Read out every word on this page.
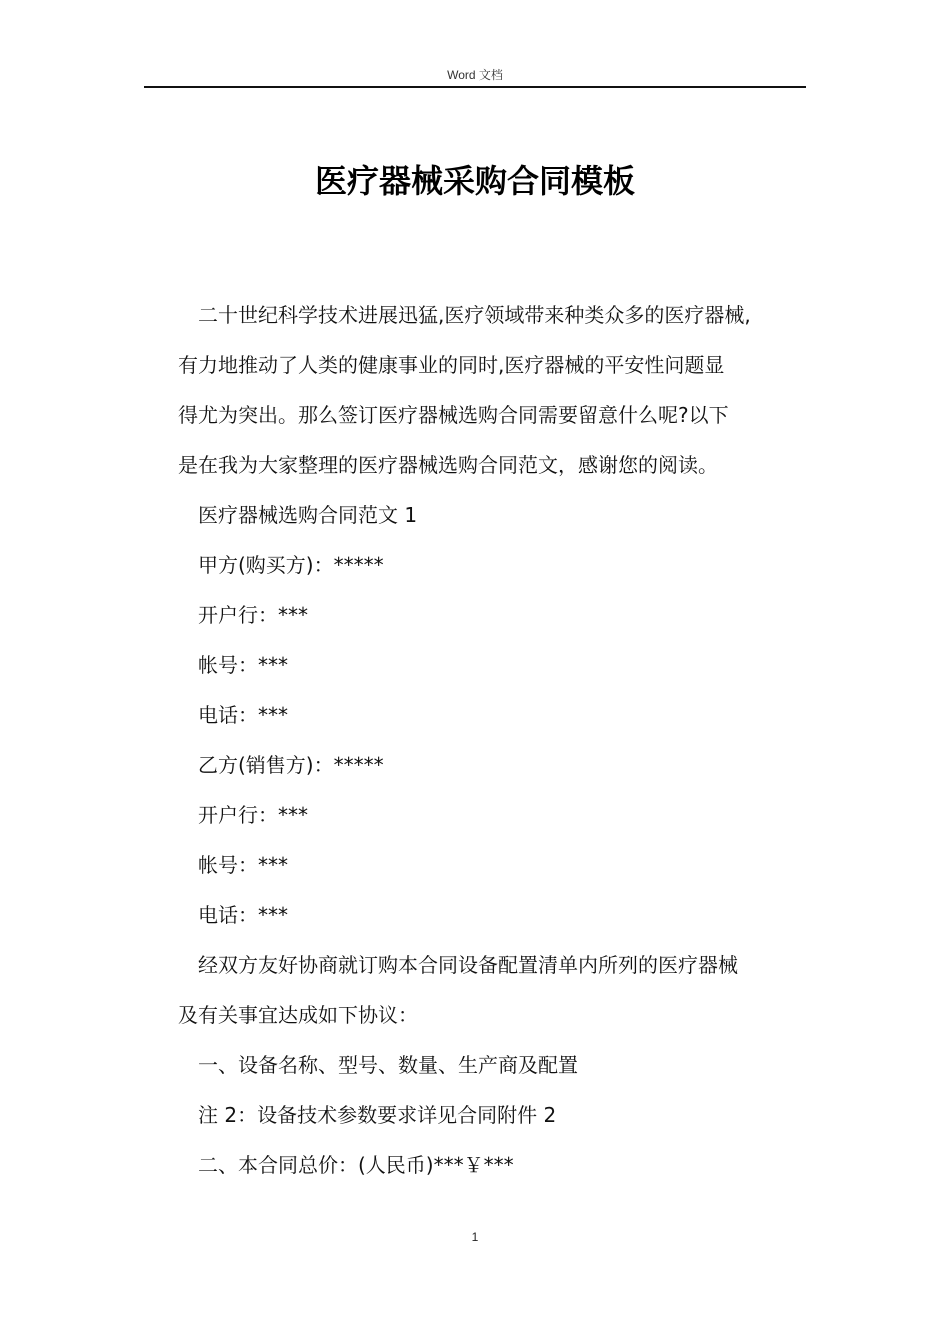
Word 文档
医疗器械采购合同模板

二十世纪科学技术进展迅猛,医疗领域带来种类众多的医疗器械,

有力地推动了人类的健康事业的同时,医疗器械的平安性问题显

得尤为突出。那么签订医疗器械选购合同需要留意什么呢?以下

是在我为大家整理的医疗器械选购合同范文，感谢您的阅读。

医疗器械选购合同范文 1

甲方(购买方)：*****

开户行：***

帐号：***

电话：***

乙方(销售方)：*****

开户行：***

帐号：***

电话：***

经双方友好协商就订购本合同设备配置清单内所列的医疗器械

及有关事宜达成如下协议：

一、设备名称、型号、数量、生产商及配置

注 2：设备技术参数要求详见合同附件 2

二、本合同总价：(人民币)***￥***

1
